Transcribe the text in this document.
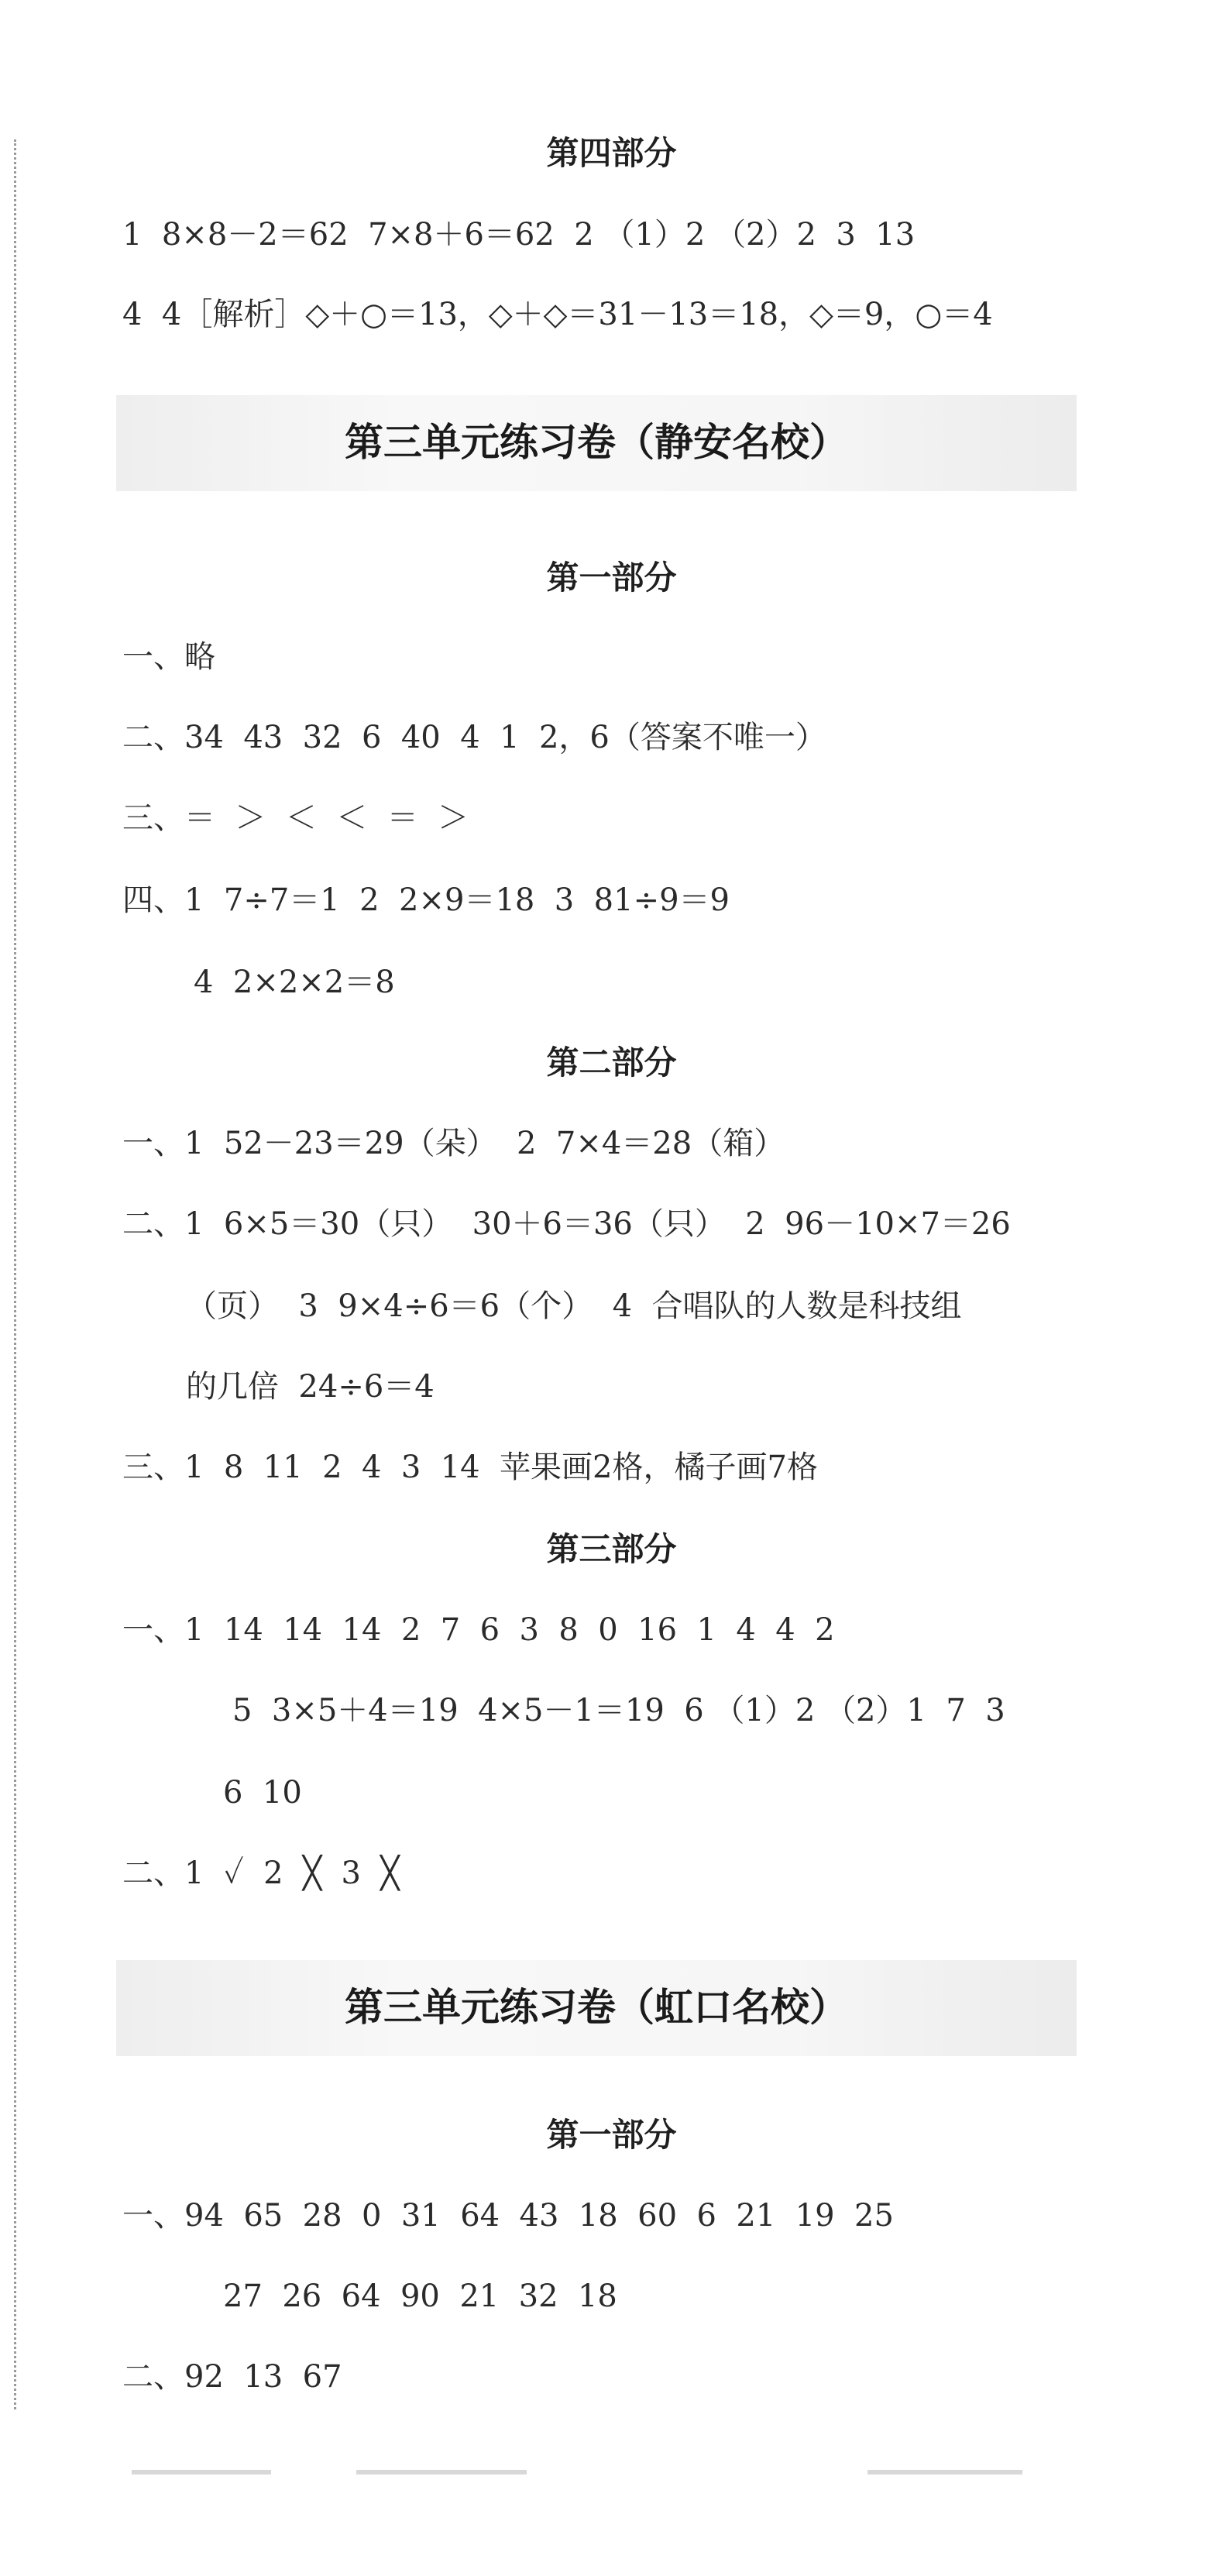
第四部分
1  8×8－2＝62  7×8＋6＝62  2 （1）2 （2）2  3  13
4  4［解析］◇＋○＝13，◇＋◇＝31－13＝18，◇＝9，○＝4
第三单元练习卷（静安名校）
第一部分
一、略
二、34  43  32  6  40  4  1  2，6（答案不唯一）
三、＝  ＞  ＜  ＜  ＝  ＞
四、1  7÷7＝1  2  2×9＝18  3  81÷9＝9
4  2×2×2＝8
第二部分
一、1  52－23＝29（朵）  2  7×4＝28（箱）
二、1  6×5＝30（只）  30＋6＝36（只）  2  96－10×7＝26
（页）  3  9×4÷6＝6（个）  4  合唱队的人数是科技组
的几倍  24÷6＝4
三、1  8  11  2  4  3  14  苹果画2格，橘子画7格
第三部分
一、1  14  14  14  2  7  6  3  8  0  16  1  4  4  2
5  3×5＋4＝19  4×5－1＝19  6 （1）2 （2）1  7  3
6  10
二、1  ✓  2  ╳  3  ╳
第三单元练习卷（虹口名校）
第一部分
一、94  65  28  0  31  64  43  18  60  6  21  19  25
27  26  64  90  21  32  18
二、92  13  67
